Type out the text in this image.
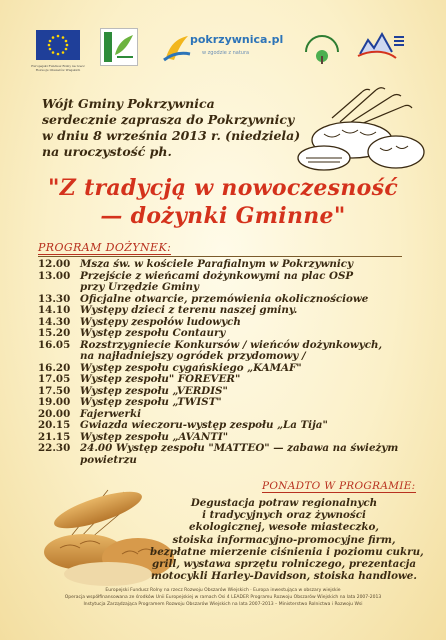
Europejski Fundusz Rolny na rzecz Rozwoju Obszarów Wiejskich
pokrzywnica.pl
w zgodzie z natura
Wójt Gminy Pokrzywnica
serdecznie zaprasza do Pokrzywnicy
w dniu 8 września 2013 r. (niedziela)
na uroczystość ph.
"Z tradycją w nowoczesność
— dożynki Gminne"
PROGRAM DOŻYNEK:
12.00 Msza św. w kościele Parafialnym w Pokrzywnicy
13.00 Przejście z wieńcami dożynkowymi na plac OSP
przy Urzędzie Gminy
13.30 Oficjalne otwarcie, przemówienia okolicznościowe
14.10 Występy dzieci z terenu naszej gminy.
14.30 Występy zespołów ludowych
15.20 Występ zespołu Contaury
16.05 Rozstrzygniecie Konkursów / wieńców dożynkowych,
na najładniejszy ogródek przydomowy /
16.20 Występ zespołu cygańskiego „KAMAF"
17.05 Występ zespołu" FOREVER"
17.50 Występ zespołu „VERDIS"
19.00 Występ zespołu „TWIST"
20.00 Fajerwerki
20.15 Gwiazda wieczoru-występ zespołu „La Tija"
21.15 Występ zespołu „AVANTI"
22.30 24.00 Występ zespołu "MATTEO" — zabawa na świeżym
powietrzu
PONADTO W PROGRAMIE:
Degustacja potraw regionalnych
i tradycyjnych oraz żywności
ekologicznej, wesołe miasteczko,
stoiska informacyjno-promocyjne firm,
bezpłatne mierzenie ciśnienia i poziomu cukru,
grill, wystawa sprzętu rolniczego, prezentacja
motocykli Harley-Davidson, stoiska handlowe.
Europejski Fundusz Rolny na rzecz Rozwoju Obszarów Wiejskich · Europa inwestująca w obszary wiejskie
Operacja współfinansowana ze środków Unii Europejskiej w ramach Osi 4 LEADER Programu Rozwoju Obszarów Wiejskich na lata 2007-2013
Instytucja Zarządzająca Programem Rozwoju Obszarów Wiejskich na lata 2007-2013 – Ministerstwo Rolnictwa i Rozwoju Wsi
